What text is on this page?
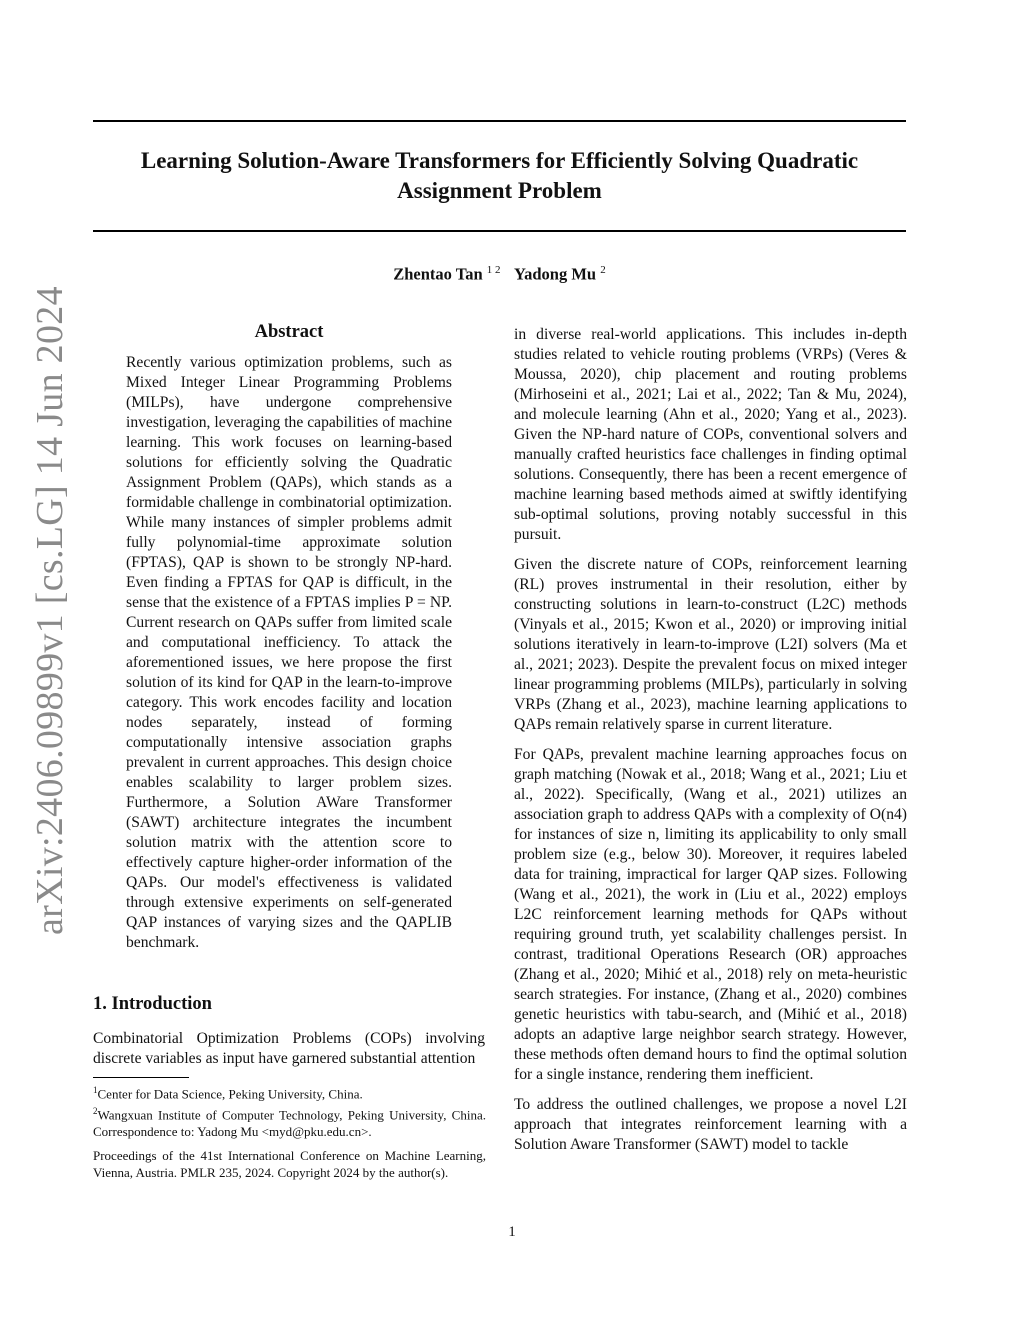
arXiv:2406.09899v1 [cs.LG] 14 Jun 2024
Learning Solution-Aware Transformers for Efficiently Solving Quadratic
Assignment Problem
Zhentao Tan $^{1 2}$ Yadong Mu $^2$
Abstract

Recently various optimization problems, such as Mixed Integer Linear Programming Problems (MILPs), have undergone comprehensive investigation, leveraging the capabilities of machine learning. This work focuses on learning-based solutions for efficiently solving the Quadratic Assignment Problem (QAPs), which stands as a formidable challenge in combinatorial optimization. While many instances of simpler problems admit fully polynomial-time approximate solution (FPTAS), QAP is shown to be strongly NP-hard. Even finding a FPTAS for QAP is difficult, in the sense that the existence of a FPTAS implies P = NP. Current research on QAPs suffer from limited scale and computational inefficiency. To attack the aforementioned issues, we here propose the first solution of its kind for QAP in the learn-to-improve category. This work encodes facility and location nodes separately, instead of forming computationally intensive association graphs prevalent in current approaches. This design choice enables scalability to larger problem sizes. Furthermore, a Solution AWare Transformer (SAWT) architecture integrates the incumbent solution matrix with the attention score to effectively capture higher-order information of the QAPs. Our model's effectiveness is validated through extensive experiments on self-generated QAP instances of varying sizes and the QAPLIB benchmark.

1. Introduction

Combinatorial Optimization Problems (COPs) involving discrete variables as input have garnered substantial attention

$^1$Center for Data Science, Peking University, China.

$^2$Wangxuan Institute of Computer Technology, Peking University, China. Correspondence to: Yadong Mu <myd@pku.edu.cn>.

Proceedings of the 41st International Conference on Machine Learning, Vienna, Austria. PMLR 235, 2024. Copyright 2024 by the author(s).

in diverse real-world applications. This includes in-depth studies related to vehicle routing problems (VRPs) (Veres & Moussa, 2020), chip placement and routing problems (Mirhoseini et al., 2021; Lai et al., 2022; Tan & Mu, 2024), and molecule learning (Ahn et al., 2020; Yang et al., 2023). Given the NP-hard nature of COPs, conventional solvers and manually crafted heuristics face challenges in finding optimal solutions. Consequently, there has been a recent emergence of machine learning based methods aimed at swiftly identifying sub-optimal solutions, proving notably successful in this pursuit.

Given the discrete nature of COPs, reinforcement learning (RL) proves instrumental in their resolution, either by constructing solutions in learn-to-construct (L2C) methods (Vinyals et al., 2015; Kwon et al., 2020) or improving initial solutions iteratively in learn-to-improve (L2I) solvers (Ma et al., 2021; 2023). Despite the prevalent focus on mixed integer linear programming problems (MILPs), particularly in solving VRPs (Zhang et al., 2023), machine learning applications to QAPs remain relatively sparse in current literature.

For QAPs, prevalent machine learning approaches focus on graph matching (Nowak et al., 2018; Wang et al., 2021; Liu et al., 2022). Specifically, (Wang et al., 2021) utilizes an association graph to address QAPs with a complexity of O(n4) for instances of size n, limiting its applicability to only small problem size (e.g., below 30). Moreover, it requires labeled data for training, impractical for larger QAP sizes. Following (Wang et al., 2021), the work in (Liu et al., 2022) employs L2C reinforcement learning methods for QAPs without requiring ground truth, yet scalability challenges persist. In contrast, traditional Operations Research (OR) approaches (Zhang et al., 2020; Mihić et al., 2018) rely on meta-heuristic search strategies. For instance, (Zhang et al., 2020) combines genetic heuristics with tabu-search, and (Mihić et al., 2018) adopts an adaptive large neighbor search strategy. However, these methods often demand hours to find the optimal solution for a single instance, rendering them inefficient.

To address the outlined challenges, we propose a novel L2I approach that integrates reinforcement learning with a Solution Aware Transformer (SAWT) model to tackle

1
